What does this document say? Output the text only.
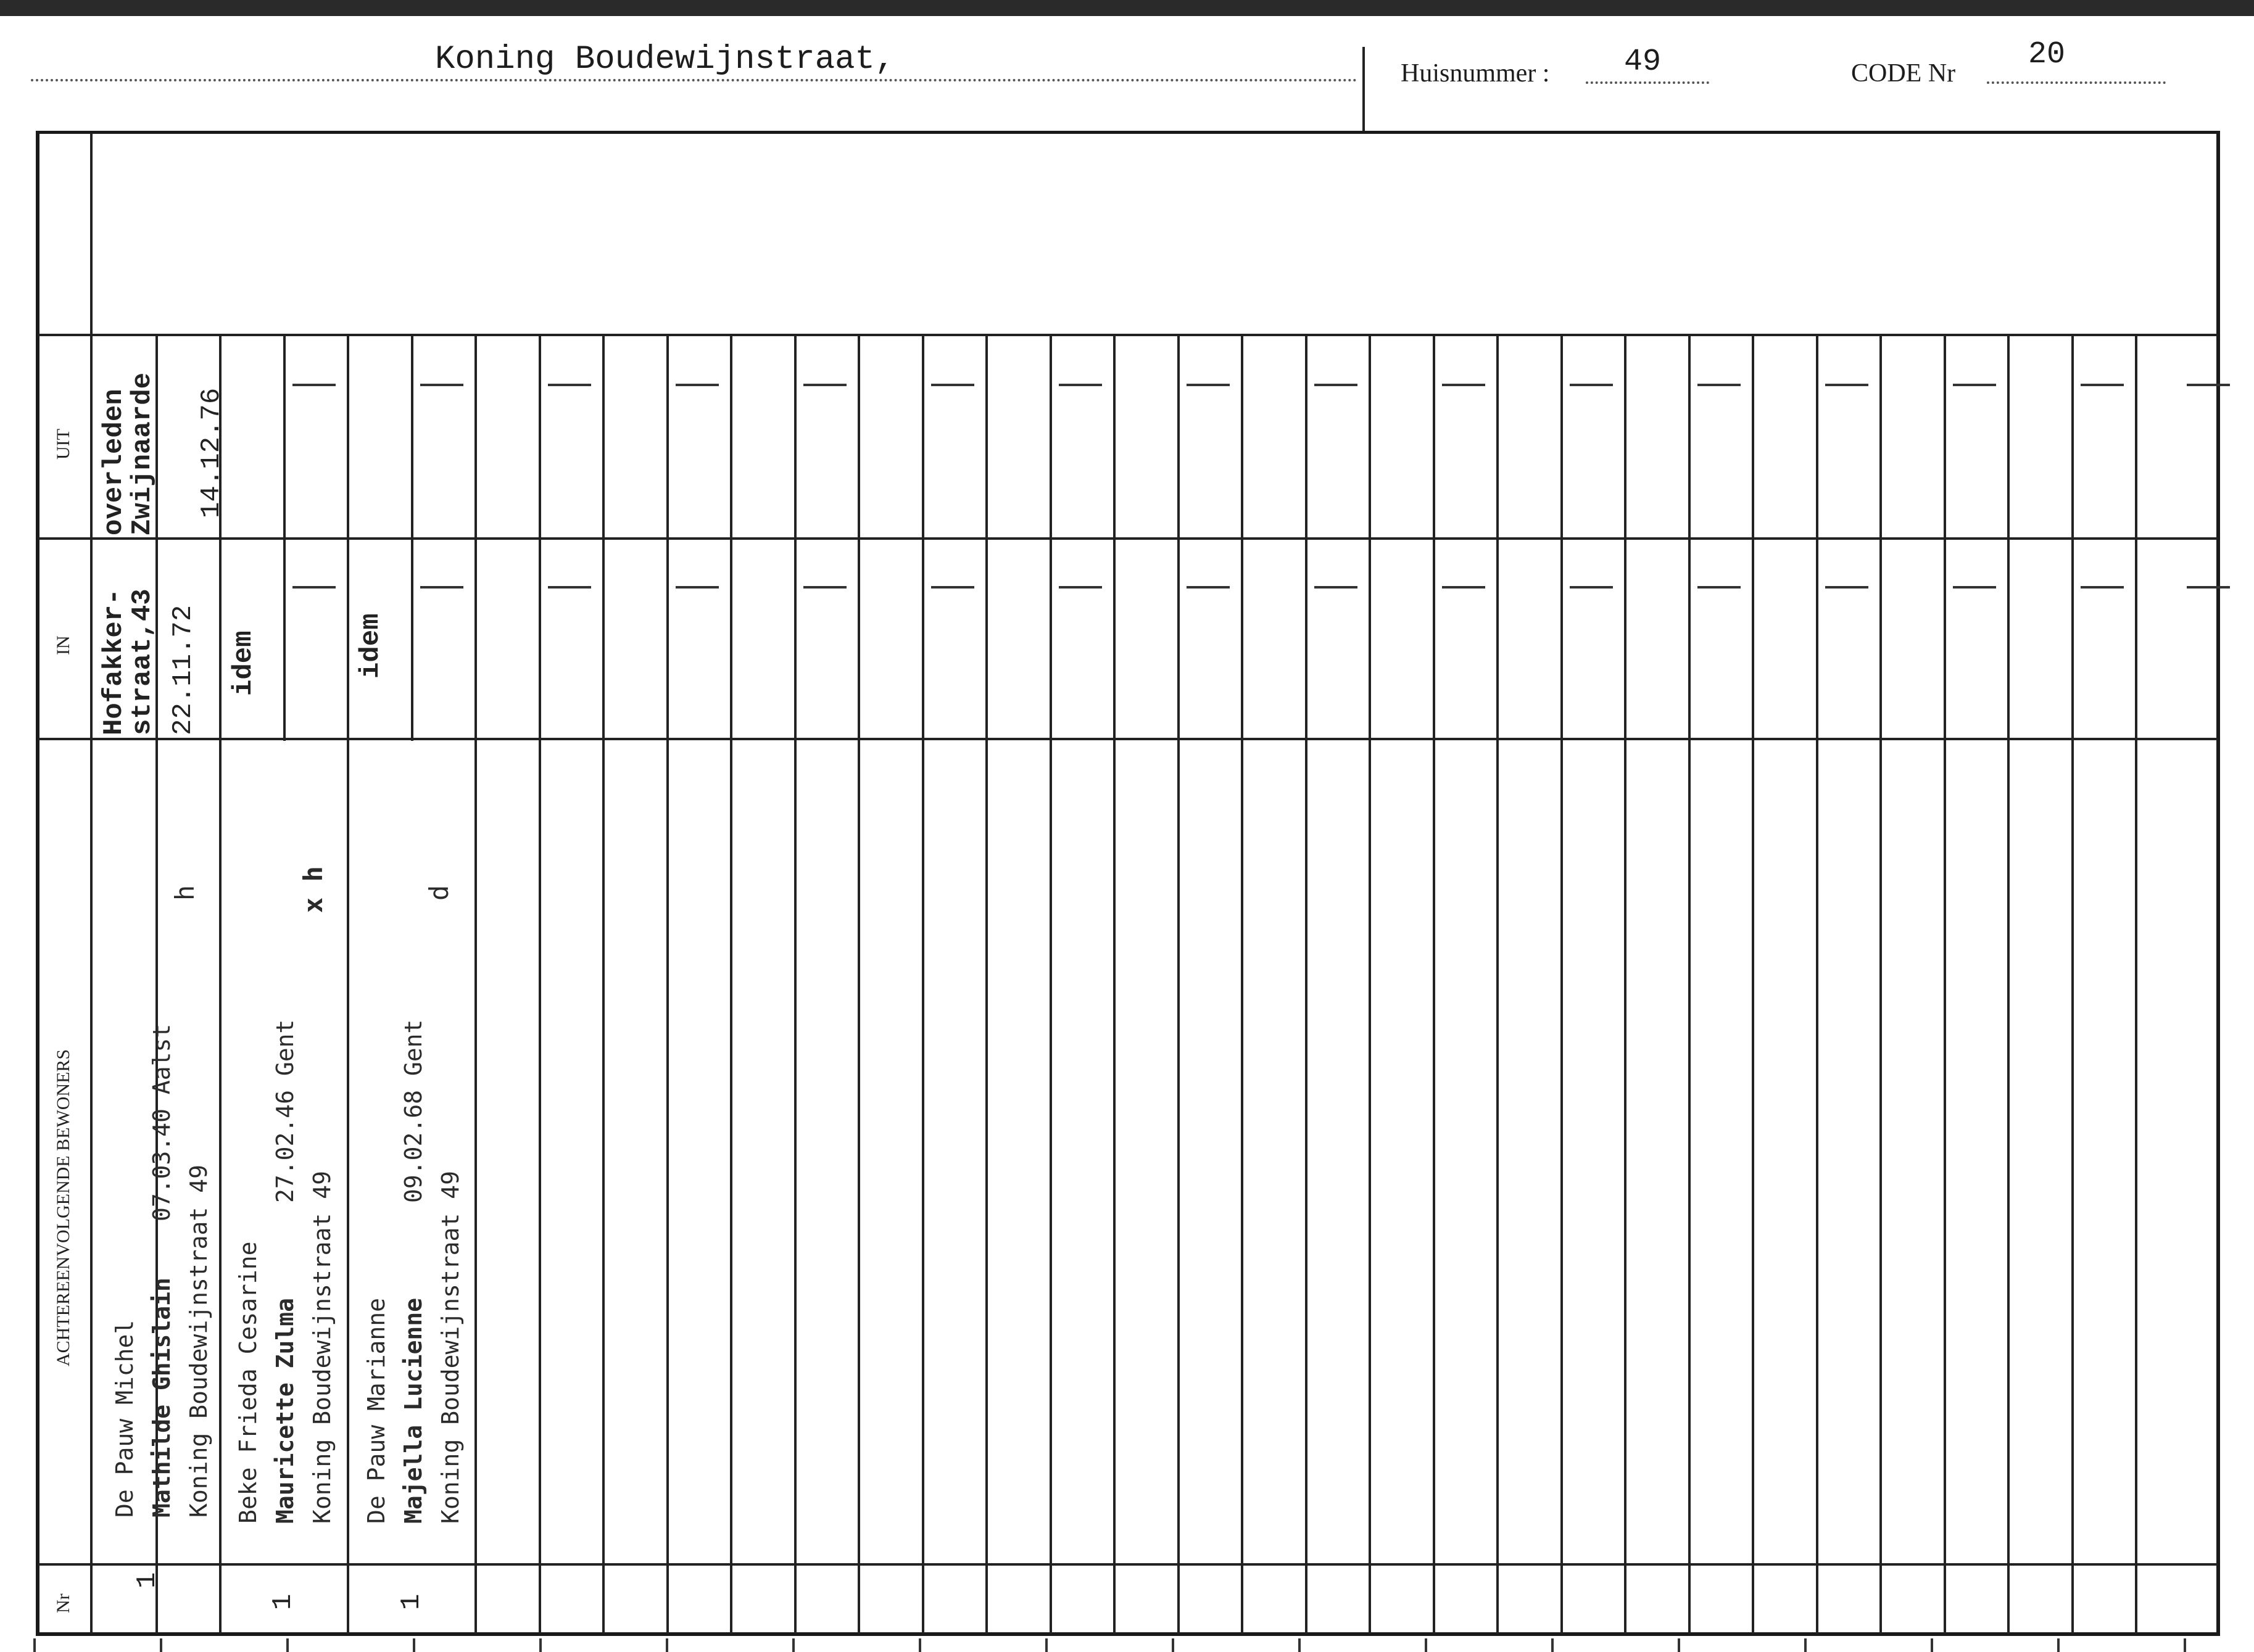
Koning Boudewijnstraat,	Huisnummer : 49	CODE Nr
20
UIT
IN
ACHTEREENVOLGENDE BEWONERS
Nr
1
De Pauw Michel Mathilde Ghislain
07.03.40 Aalst
Koning Boudewijnstraat 49
h
Hofakker-
straat,43 22.11.72
overleden
Zwijnaarde 14.12.76
1
Beke Frieda Cesarine Mauricette Zulma
27.02.46 Gent
Koning Boudewijnstraat 49
x h
idem
1
De Pauw Marianne Majella Lucienne
09.02.68 Gent
Koning Boudewijnstraat 49
d
idem
